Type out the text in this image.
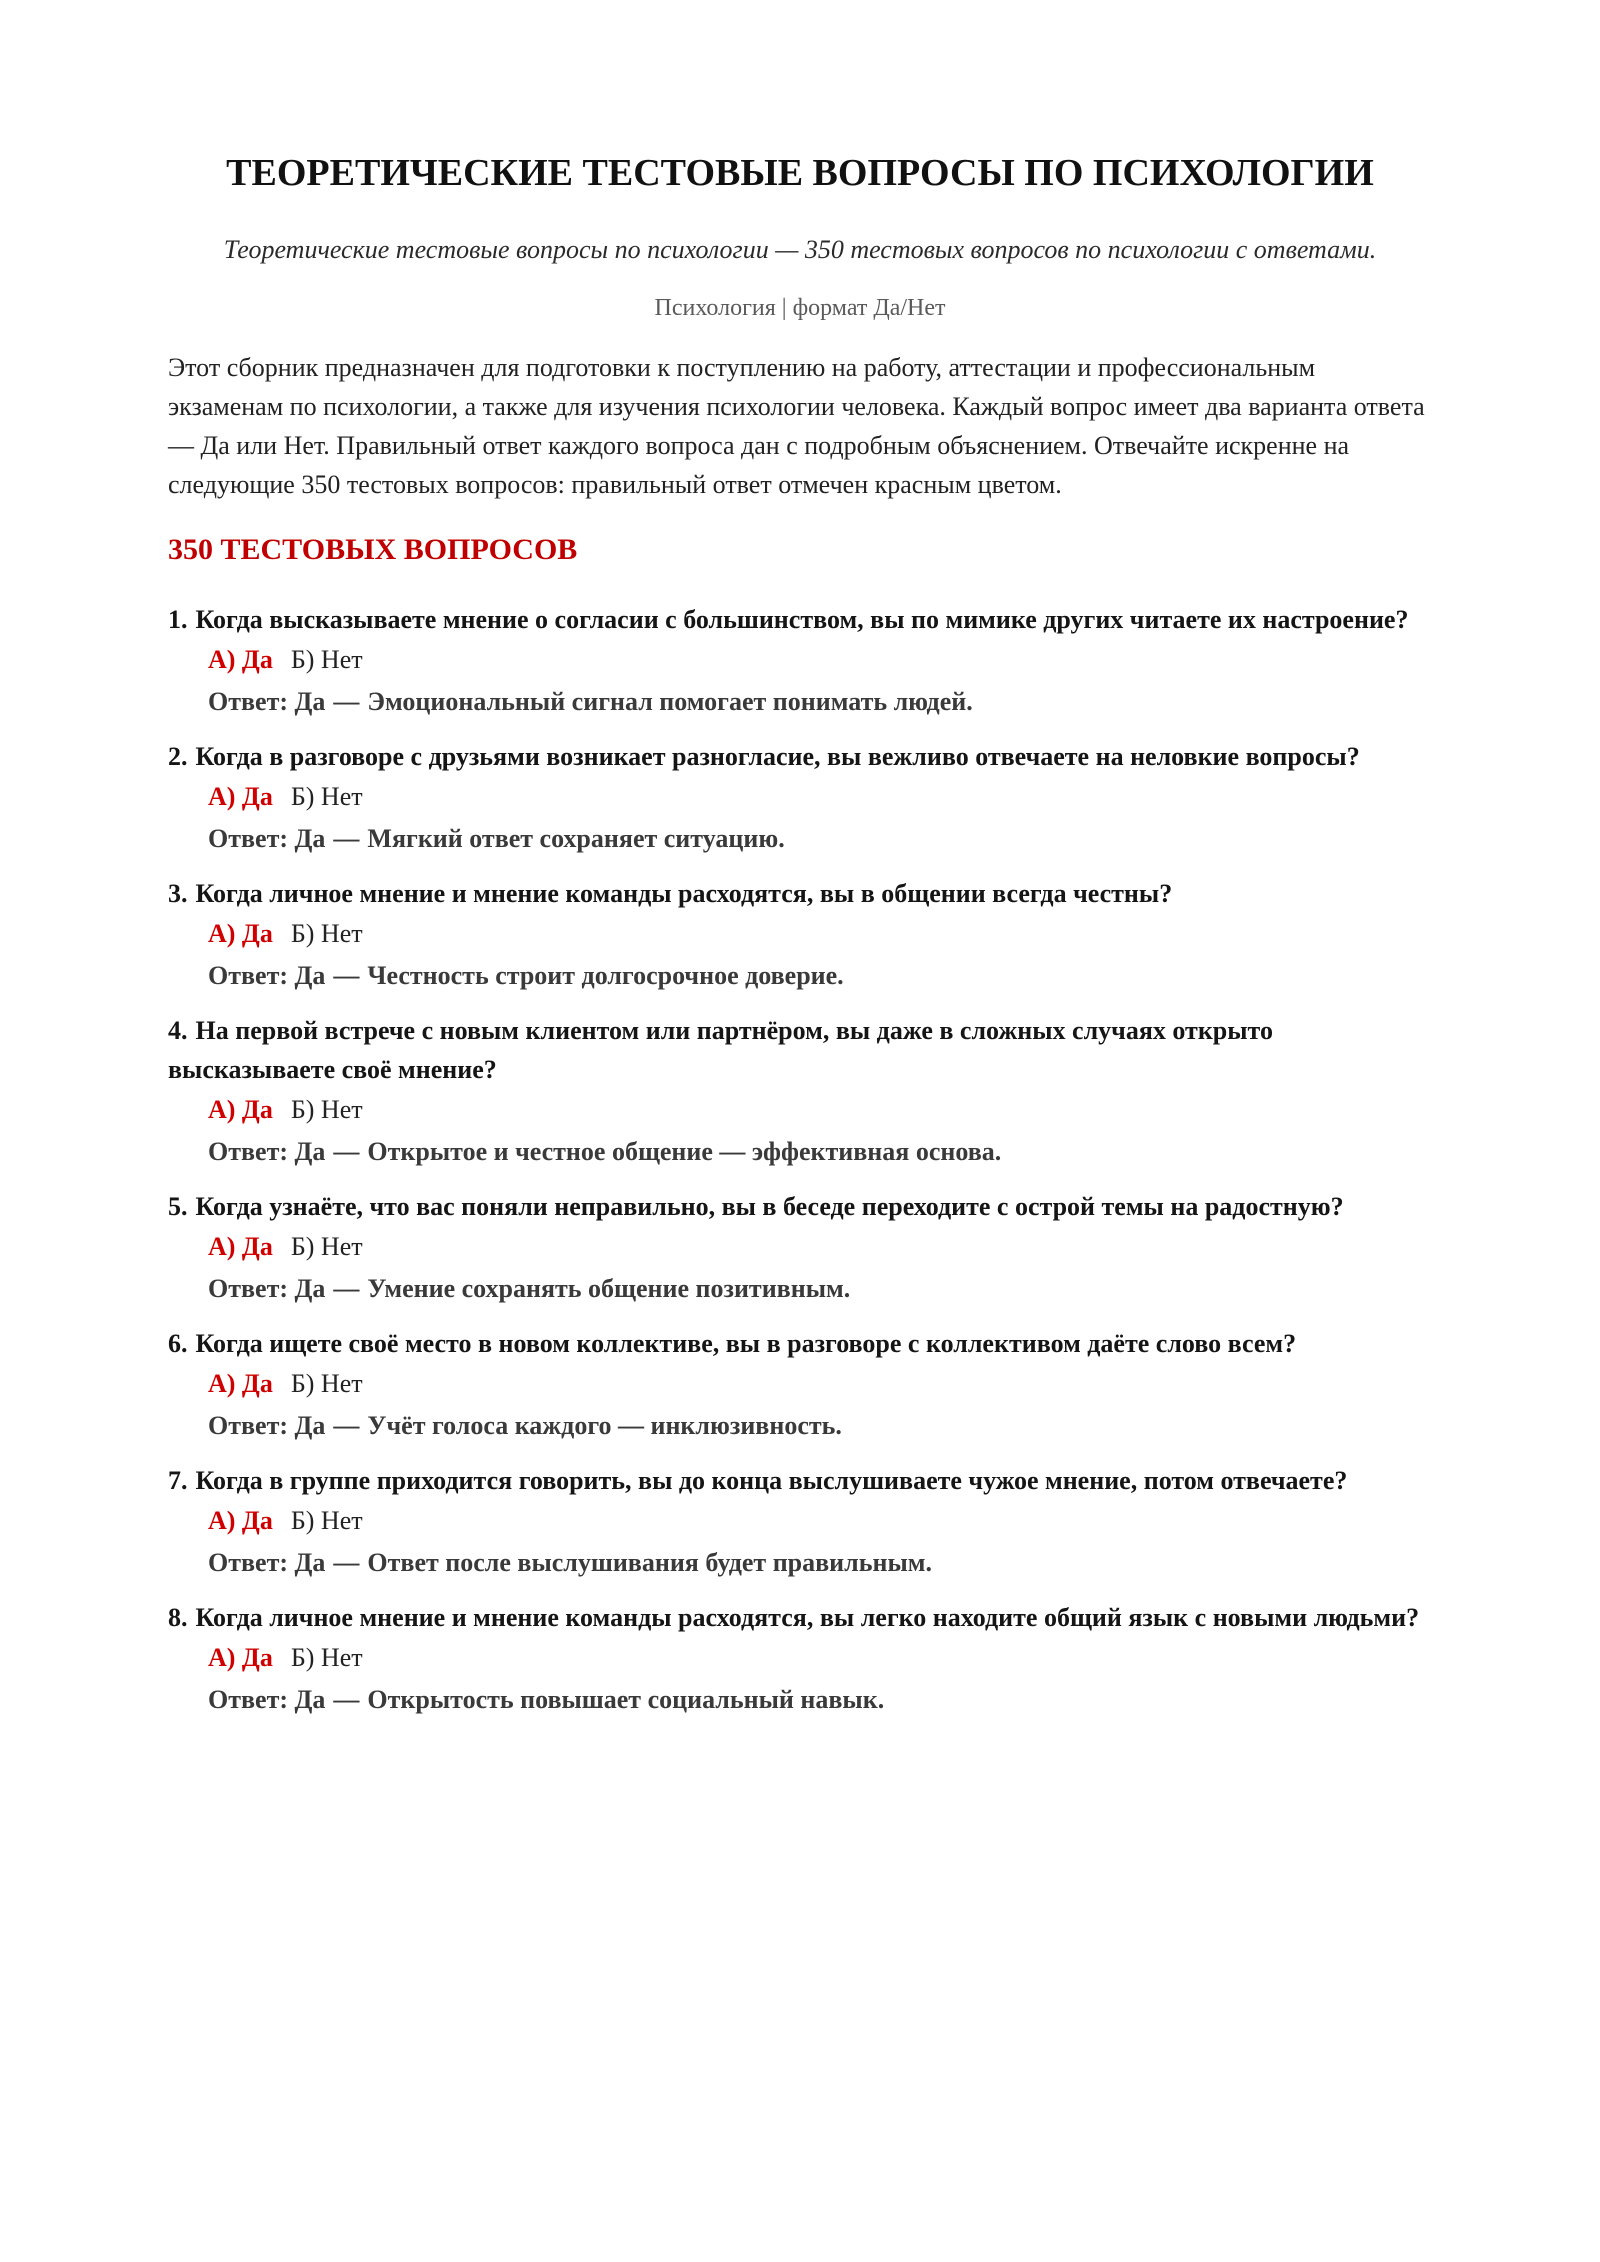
ТЕОРЕТИЧЕСКИЕ ТЕСТОВЫЕ ВОПРОСЫ ПО ПСИХОЛОГИИ

Теоретические тестовые вопросы по психологии — 350 тестовых вопросов по психологии с ответами.

Психология | формат Да/Нет

Этот сборник предназначен для подготовки к поступлению на работу, аттестации и профессиональным экзаменам по психологии, а также для изучения психологии человека. Каждый вопрос имеет два варианта ответа — Да или Нет. Правильный ответ каждого вопроса дан с подробным объяснением. Отвечайте искренне на следующие 350 тестовых вопросов: правильный ответ отмечен красным цветом.

350 ТЕСТОВЫХ ВОПРОСОВ
1. Когда высказываете мнение о согласии с большинством, вы по мимике других читаете их настроение?
А) Да Б) Нет
Ответ: Да — Эмоциональный сигнал помогает понимать людей.
2. Когда в разговоре с друзьями возникает разногласие, вы вежливо отвечаете на неловкие вопросы?
А) Да Б) Нет
Ответ: Да — Мягкий ответ сохраняет ситуацию.
3. Когда личное мнение и мнение команды расходятся, вы в общении всегда честны?
А) Да Б) Нет
Ответ: Да — Честность строит долгосрочное доверие.
4. На первой встрече с новым клиентом или партнёром, вы даже в сложных случаях открыто высказываете своё мнение?
А) Да Б) Нет
Ответ: Да — Открытое и честное общение — эффективная основа.
5. Когда узнаёте, что вас поняли неправильно, вы в беседе переходите с острой темы на радостную?
А) Да Б) Нет
Ответ: Да — Умение сохранять общение позитивным.
6. Когда ищете своё место в новом коллективе, вы в разговоре с коллективом даёте слово всем?
А) Да Б) Нет
Ответ: Да — Учёт голоса каждого — инклюзивность.
7. Когда в группе приходится говорить, вы до конца выслушиваете чужое мнение, потом отвечаете?
А) Да Б) Нет
Ответ: Да — Ответ после выслушивания будет правильным.
8. Когда личное мнение и мнение команды расходятся, вы легко находите общий язык с новыми людьми?
А) Да Б) Нет
Ответ: Да — Открытость повышает социальный навык.
